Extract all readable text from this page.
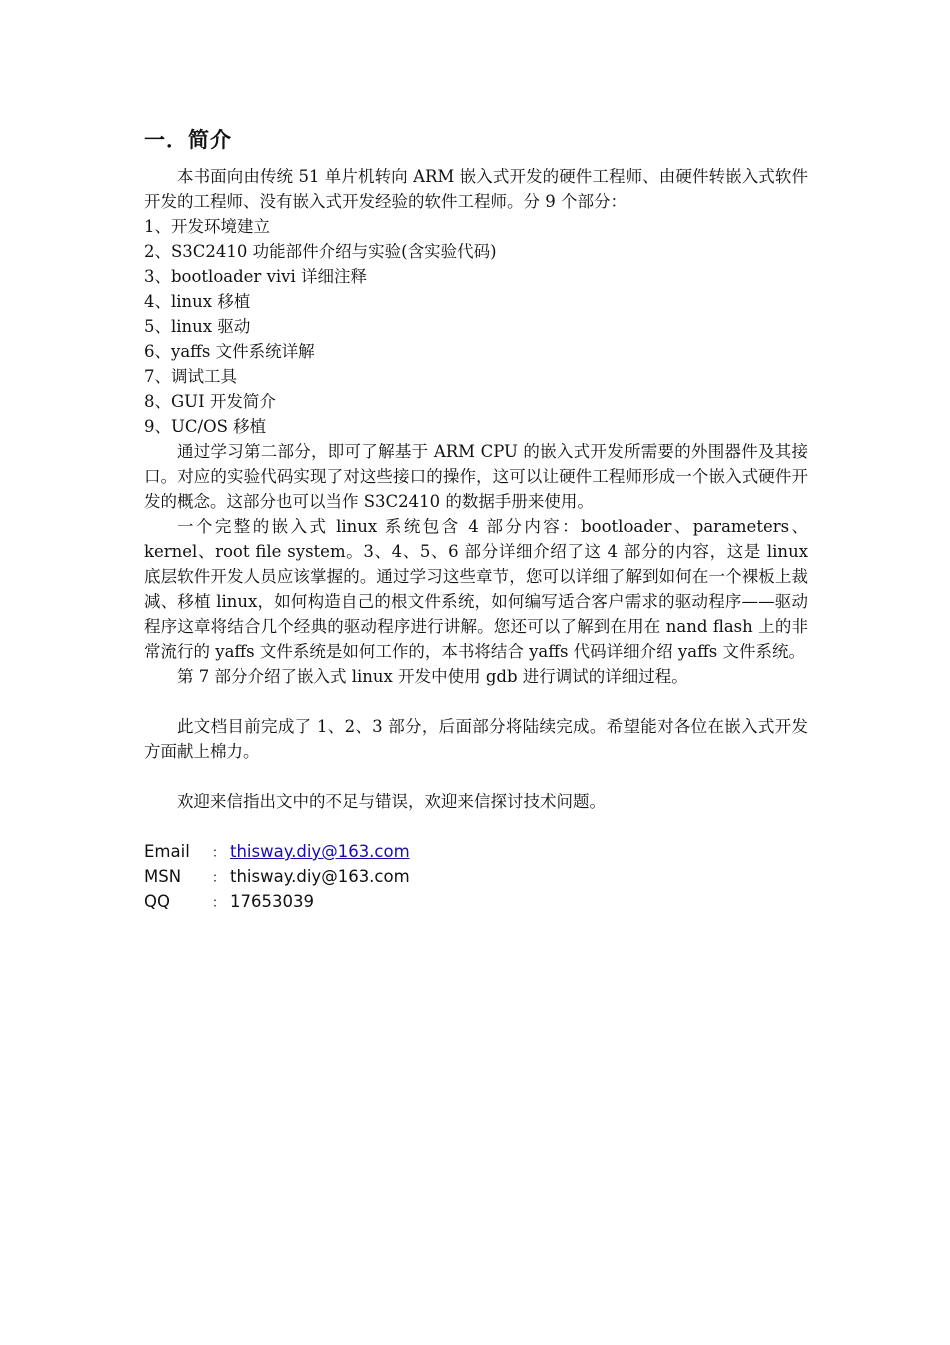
一．简介

本书面向由传统 51 单片机转向 ARM 嵌入式开发的硬件工程师、由硬件转嵌入式软件开发的工程师、没有嵌入式开发经验的软件工程师。分 9 个部分：

1、开发环境建立
2、S3C2410 功能部件介绍与实验(含实验代码)
3、bootloader vivi 详细注释
4、linux 移植
5、linux 驱动
6、yaffs 文件系统详解
7、调试工具
8、GUI 开发简介
9、UC/OS 移植

通过学习第二部分，即可了解基于 ARM CPU 的嵌入式开发所需要的外围器件及其接口。对应的实验代码实现了对这些接口的操作，这可以让硬件工程师形成一个嵌入式硬件开发的概念。这部分也可以当作 S3C2410 的数据手册来使用。

一个完整的嵌入式 linux 系统包含 4 部分内容：bootloader、parameters、kernel、root file system。3、4、5、6 部分详细介绍了这 4 部分的内容，这是 linux 底层软件开发人员应该掌握的。通过学习这些章节，您可以详细了解到如何在一个裸板上裁减、移植 linux，如何构造自己的根文件系统，如何编写适合客户需求的驱动程序——驱动程序这章将结合几个经典的驱动程序进行讲解。您还可以了解到在用在 nand flash 上的非常流行的 yaffs 文件系统是如何工作的，本书将结合 yaffs 代码详细介绍 yaffs 文件系统。

第 7 部分介绍了嵌入式 linux 开发中使用 gdb 进行调试的详细过程。

此文档目前完成了 1、2、3 部分，后面部分将陆续完成。希望能对各位在嵌入式开发方面献上棉力。

欢迎来信指出文中的不足与错误，欢迎来信探讨技术问题。

Email ： thisway.diy@163.com
MSN ： thisway.diy@163.com
QQ	： 17653039
